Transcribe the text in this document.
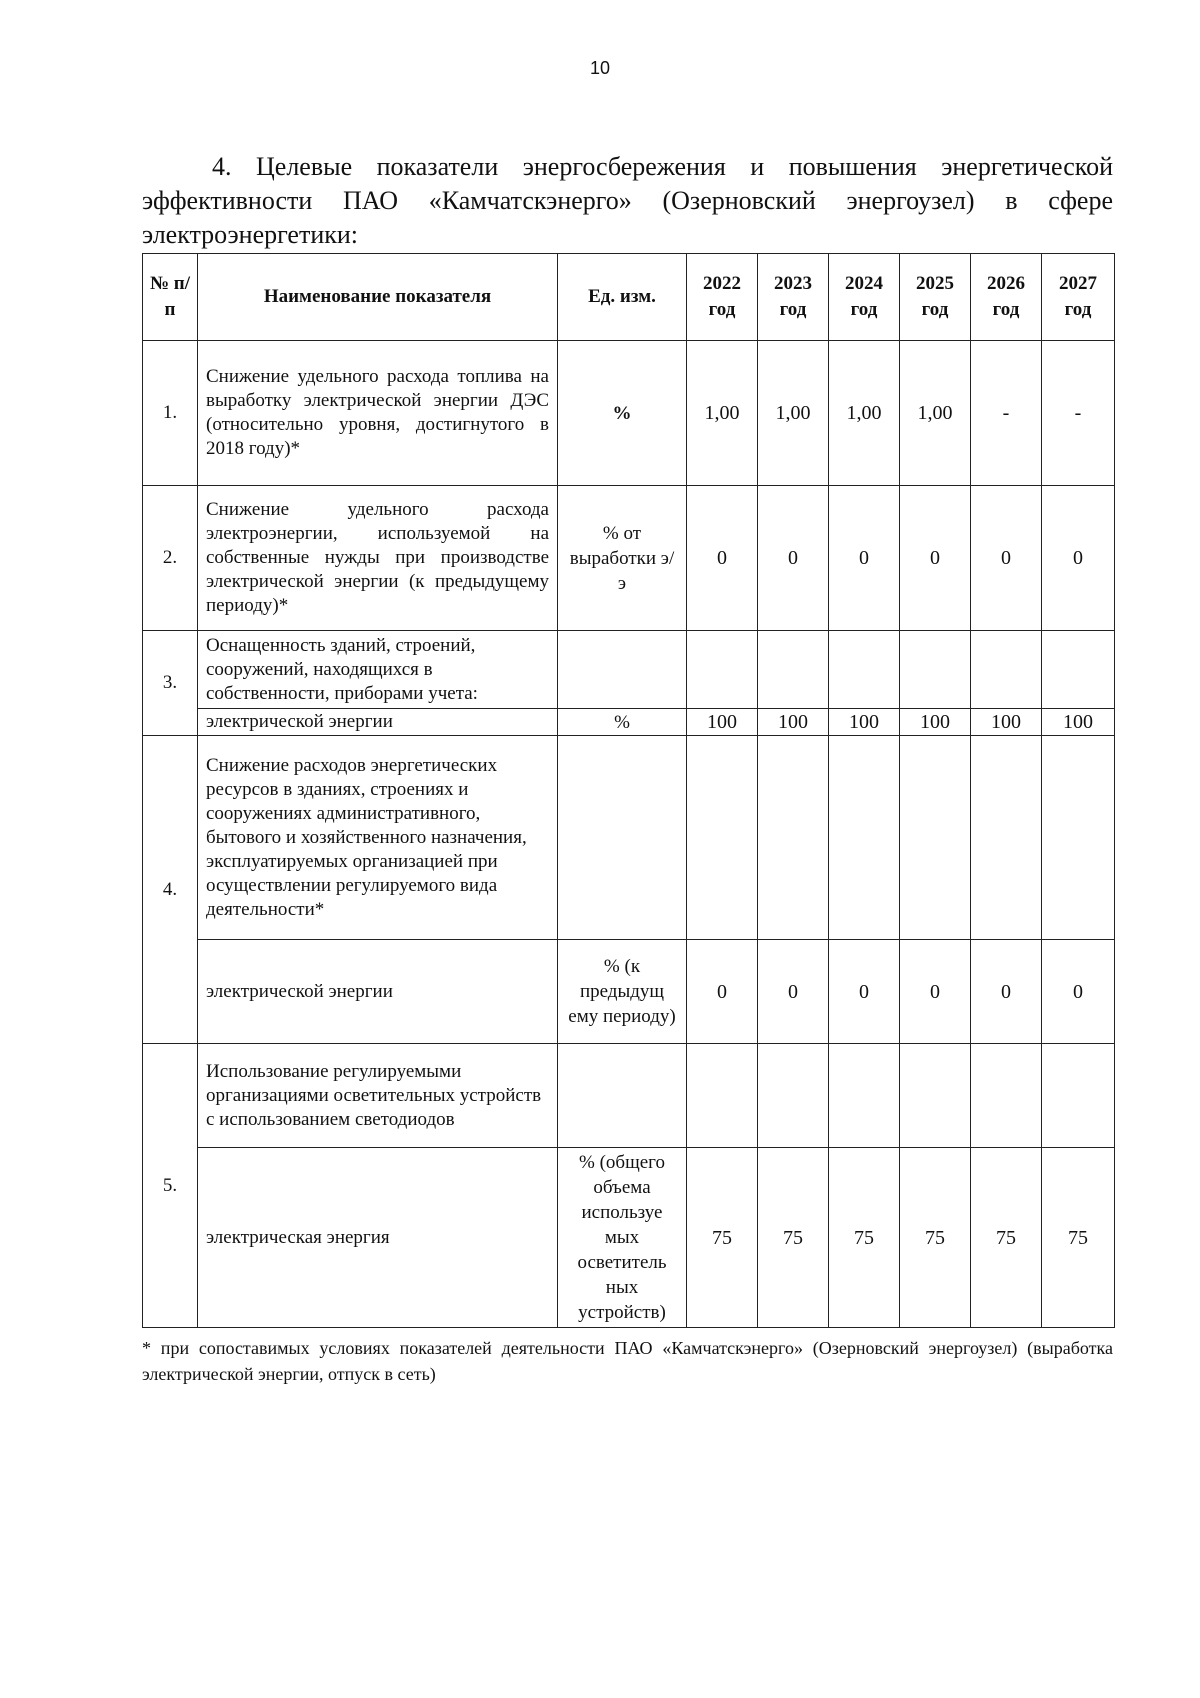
10
4. Целевые показатели энергосбережения и повышения энергетической
эффективности ПАО «Камчатскэнерго» (Озерновский энергоузел) в сфере
электроэнергетики:
№ п/п	Наименование показателя	Ед. изм.	2022 год	2023 год	2024 год	2025 год	2026 год	2027 год
1.	Снижение удельного расхода топлива на выработку электрической энергии ДЭС (относительно уровня, достигнутого в 2018 году)*	%	1,00	1,00	1,00	1,00	-	-
2.	Снижение удельного расхода электроэнергии, используемой на собственные нужды при производстве электрической энергии (к предыдущему периоду)*	% от выработки э/э	0	0	0	0	0	0
3.	Оснащенность зданий, строений, сооружений, находящихся в собственности, приборами учета:							
	электрической энергии	%	100	100	100	100	100	100
4.	Снижение расходов энергетических ресурсов в зданиях, строениях и сооружениях административного, бытового и хозяйственного назначения, эксплуатируемых организацией при осуществлении регулируемого вида деятельности*							
	электрической энергии	% (к предыдущ ему периоду)	0	0	0	0	0	0
5.	Использование регулируемыми организациями осветительных устройств с использованием светодиодов							
	электрическая энергия	% (общего объема используе мых осветитель ных устройств)	75	75	75	75	75	75
* при сопоставимых условиях показателей деятельности ПАО «Камчатскэнерго» (Озерновский энергоузел) (выработка электрической энергии, отпуск в сеть)
